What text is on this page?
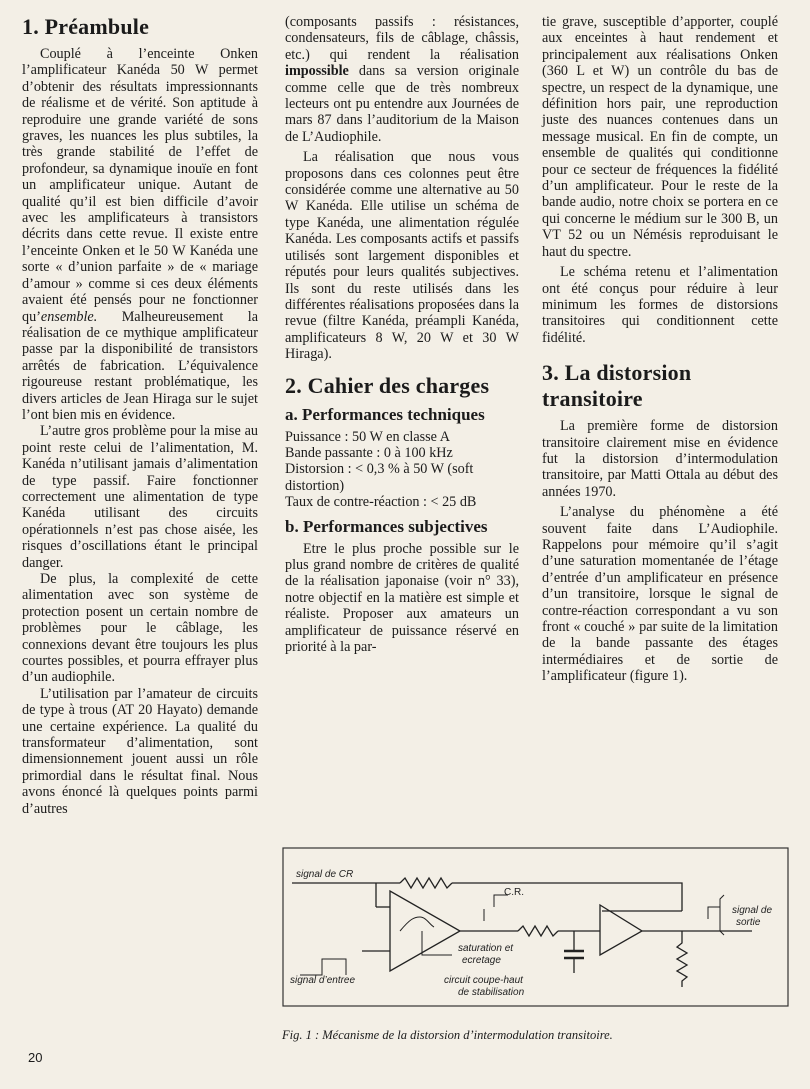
1. Préambule

Couplé à l’enceinte Onken l’amplificateur Kanéda 50 W permet d’obtenir des résultats impressionnants de réalisme et de vérité. Son aptitude à reproduire une grande variété de sons graves, les nuances les plus subtiles, la très grande stabilité de l’effet de profondeur, sa dynamique inouïe en font un amplificateur unique. Autant de qualité qu’il est bien difficile d’avoir avec les amplificateurs à transistors décrits dans cette revue. Il existe entre l’enceinte Onken et le 50 W Kanéda une sorte « d’union parfaite » de « mariage d’amour » comme si ces deux éléments avaient été pensés pour ne fonctionner qu’ensemble. Malheureusement la réalisation de ce mythique amplificateur passe par la disponibilité de transistors arrêtés de fabrication. L’équivalence rigoureuse restant problématique, les divers articles de Jean Hiraga sur le sujet l’ont bien mis en évidence.

L’autre gros problème pour la mise au point reste celui de l’alimentation, M. Kanéda n’utilisant jamais d’alimentation de type passif. Faire fonctionner correctement une alimentation de type Kanéda utilisant des circuits opérationnels n’est pas chose aisée, les risques d’oscillations étant le principal danger.

De plus, la complexité de cette alimentation avec son système de protection posent un certain nombre de problèmes pour le câblage, les connexions devant être toujours les plus courtes possibles, et pourra effrayer plus d’un audiophile.

L’utilisation par l’amateur de circuits de type à trous (AT 20 Hayato) demande une certaine expérience. La qualité du transformateur d’alimentation, sont dimensionnement jouent aussi un rôle primordial dans le résultat final. Nous avons énoncé là quelques points parmi d’autres

(composants passifs : résistances, condensateurs, fils de câblage, châssis, etc.) qui rendent la réalisation impossible dans sa version originale comme celle que de très nombreux lecteurs ont pu entendre aux Journées de mars 87 dans l’auditorium de la Maison de L’Audiophile.

La réalisation que nous vous proposons dans ces colonnes peut être considérée comme une alternative au 50 W Kanéda. Elle utilise un schéma de type Kanéda, une alimentation régulée Kanéda. Les composants actifs et passifs utilisés sont largement disponibles et réputés pour leurs qualités subjectives. Ils sont du reste utilisés dans les différentes réalisations proposées dans la revue (filtre Kanéda, préampli Kanéda, amplificateurs 8 W, 20 W et 30 W Hiraga).

2. Cahier des charges
a. Performances techniques

Puissance : 50 W en classe A

Bande passante : 0 à 100 kHz

Distorsion : < 0,3 % à 50 W (soft distortion)

Taux de contre-réaction : < 25 dB

b. Performances subjectives

Etre le plus proche possible sur le plus grand nombre de critères de qualité de la réalisation japonaise (voir n° 33), notre objectif en la matière est simple et réaliste. Proposer aux amateurs un amplificateur de puissance réservé en priorité à la par-

tie grave, susceptible d’apporter, couplé aux enceintes à haut rendement et principalement aux réalisations Onken (360 L et W) un contrôle du bas de spectre, un respect de la dynamique, une définition hors pair, une reproduction juste des nuances contenues dans un message musical. En fin de compte, un ensemble de qualités qui conditionne pour ce secteur de fréquences la fidélité d’un amplificateur. Pour le reste de la bande audio, notre choix se portera en ce qui concerne le médium sur le 300 B, un VT 52 ou un Némésis reproduisant le haut du spectre.

Le schéma retenu et l’alimentation ont été conçus pour réduire à leur minimum les formes de distorsions transitoires qui conditionnent cette fidélité.

3. La distorsion transitoire

La première forme de distorsion transitoire clairement mise en évidence fut la distorsion d’intermodulation transitoire, par Matti Ottala au début des années 1970.

L’analyse du phénomène a été souvent faite dans L’Audiophile. Rappelons pour mémoire qu’il s’agit d’une saturation momentanée de l’étage d’entrée d’un amplificateur en présence d’un transitoire, lorsque le signal de contre-réaction correspondant a vu son front « couché » par suite de la limitation de la bande passante des étages intermédiaires et de sortie de l’amplificateur (figure 1).

signal de CR
C.R.
saturation et
ecretage
signal d’entree	circuit coupe-haut
de stabilisation
signal de
sortie
Fig. 1 : Mécanisme de la distorsion d’intermodulation transitoire.
20
